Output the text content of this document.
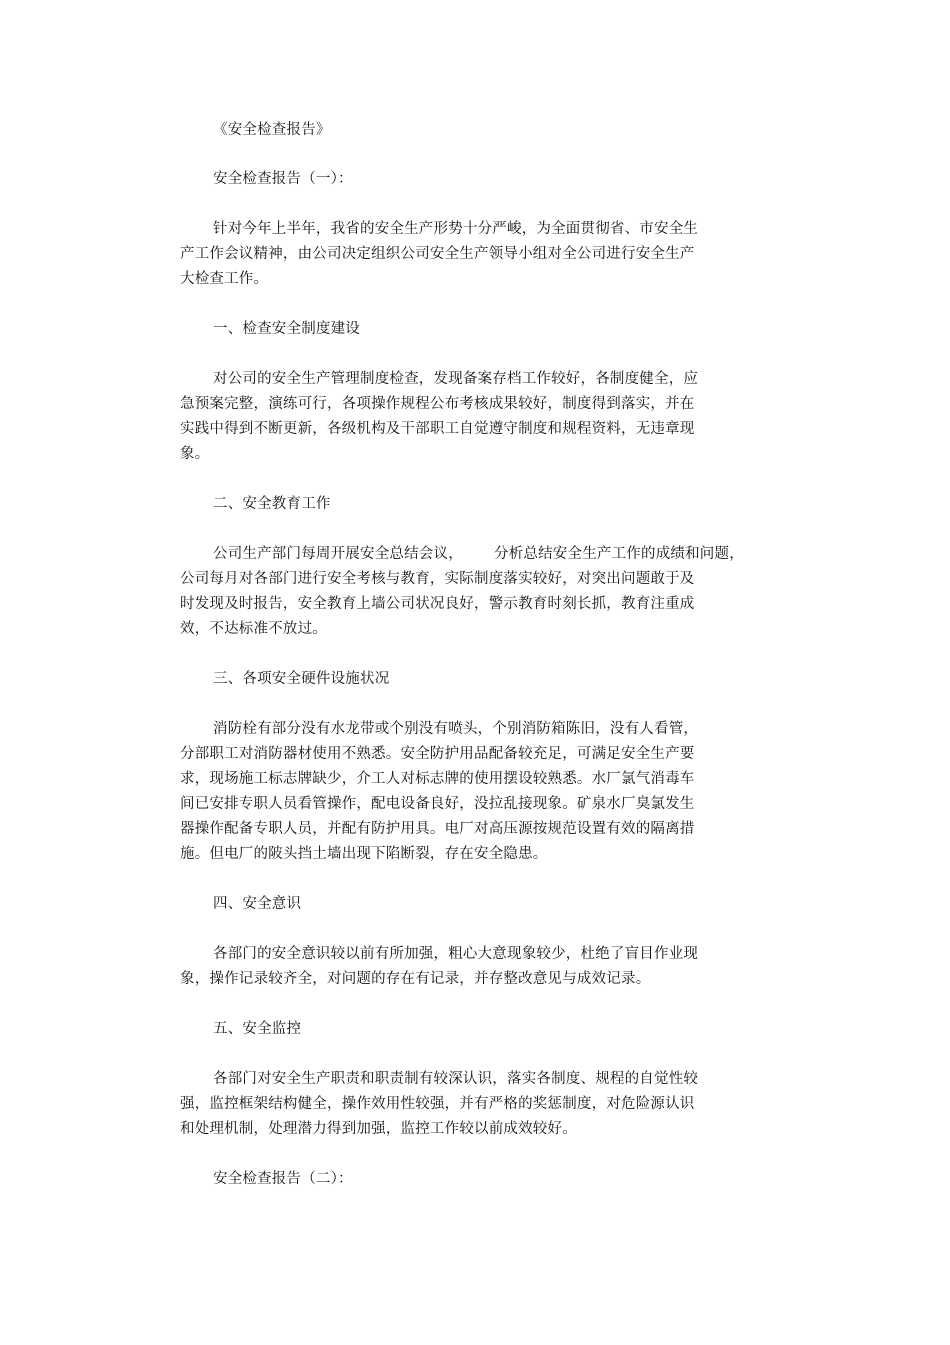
《安全检查报告》
安全检查报告（一）：
针对今年上半年，我省的安全生产形势十分严峻，为全面贯彻省、市安全生
产工作会议精神，由公司决定组织公司安全生产领导小组对全公司进行安全生产
大检查工作。
一、检查安全制度建设
对公司的安全生产管理制度检查，发现备案存档工作较好，各制度健全，应
急预案完整，演练可行，各项操作规程公布考核成果较好，制度得到落实，并在
实践中得到不断更新，各级机构及干部职工自觉遵守制度和规程资料，无违章现
象。
二、安全教育工作
公司生产部门每周开展安全总结会议， 分析总结安全生产工作的成绩和问题，
公司每月对各部门进行安全考核与教育，实际制度落实较好，对突出问题敢于及
时发现及时报告，安全教育上墙公司状况良好，警示教育时刻长抓，教育注重成
效，不达标准不放过。
三、各项安全硬件设施状况
消防栓有部分没有水龙带或个别没有喷头，个别消防箱陈旧，没有人看管，
分部职工对消防器材使用不熟悉。安全防护用品配备较充足，可满足安全生产要
求，现场施工标志牌缺少，介工人对标志牌的使用摆设较熟悉。水厂氯气消毒车
间已安排专职人员看管操作，配电设备良好，没拉乱接现象。矿泉水厂臭氯发生
器操作配备专职人员，并配有防护用具。电厂对高压源按规范设置有效的隔离措
施。但电厂的陂头挡土墙出现下陷断裂，存在安全隐患。
四、安全意识
各部门的安全意识较以前有所加强，粗心大意现象较少，杜绝了盲目作业现
象，操作记录较齐全，对问题的存在有记录，并存整改意见与成效记录。
五、安全监控
各部门对安全生产职责和职责制有较深认识，落实各制度、规程的自觉性较
强，监控框架结构健全，操作效用性较强，并有严格的奖惩制度，对危险源认识
和处理机制，处理潜力得到加强，监控工作较以前成效较好。
安全检查报告（二）：
